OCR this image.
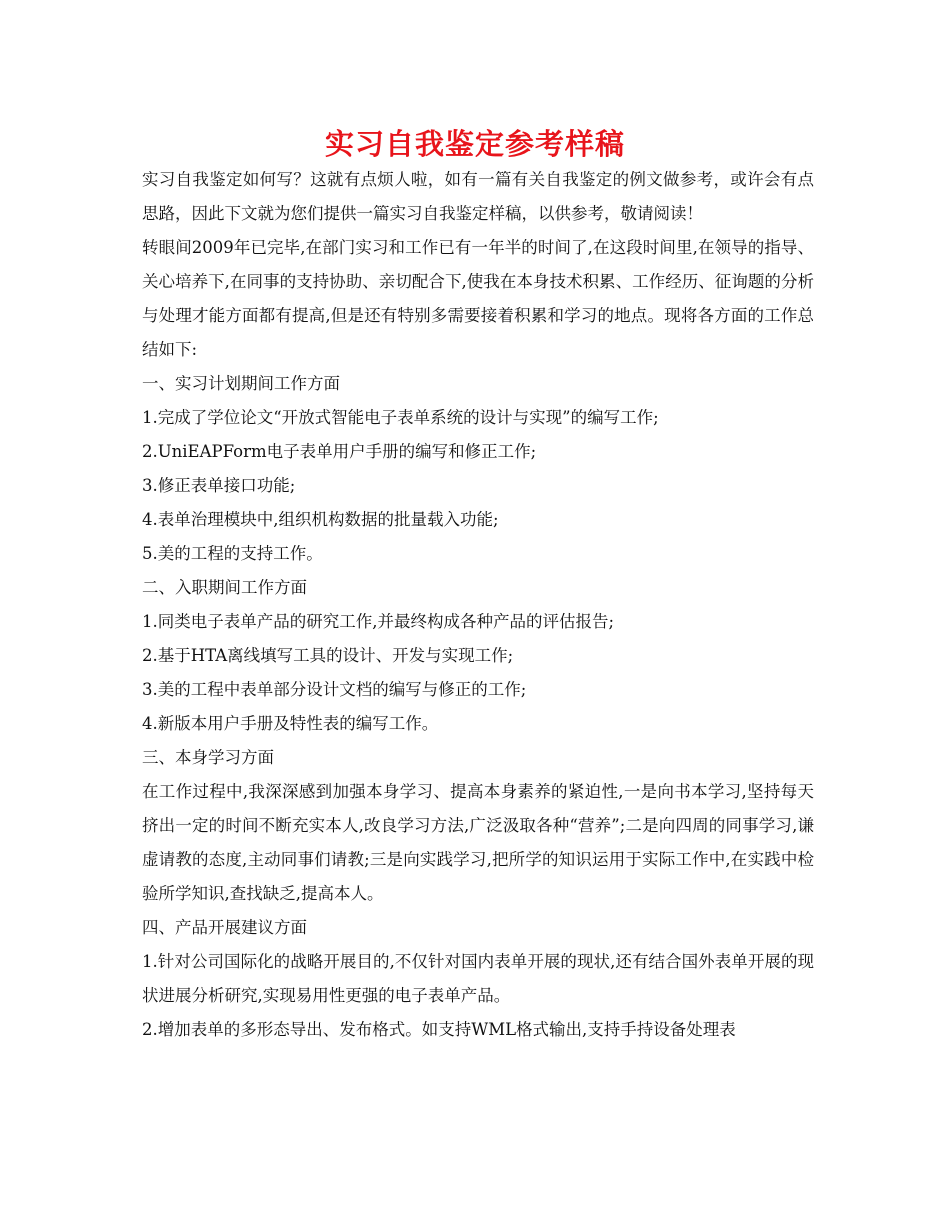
实习自我鉴定参考样稿

实习自我鉴定如何写？这就有点烦人啦，如有一篇有关自我鉴定的例文做参考，或许会有点思路，因此下文就为您们提供一篇实习自我鉴定样稿，以供参考，敬请阅读！

转眼间2009年已完毕,在部门实习和工作已有一年半的时间了,在这段时间里,在领导的指导、关心培养下,在同事的支持协助、亲切配合下,使我在本身技术积累、工作经历、征询题的分析与处理才能方面都有提高,但是还有特别多需要接着积累和学习的地点。现将各方面的工作总结如下:

一、实习计划期间工作方面

1.完成了学位论文“开放式智能电子表单系统的设计与实现”的编写工作;

2.UniEAPForm电子表单用户手册的编写和修正工作;

3.修正表单接口功能;

4.表单治理模块中,组织机构数据的批量载入功能;

5.美的工程的支持工作。

二、入职期间工作方面

1.同类电子表单产品的研究工作,并最终构成各种产品的评估报告;

2.基于HTA离线填写工具的设计、开发与实现工作;

3.美的工程中表单部分设计文档的编写与修正的工作;

4.新版本用户手册及特性表的编写工作。

三、本身学习方面

在工作过程中,我深深感到加强本身学习、提高本身素养的紧迫性,一是向书本学习,坚持每天挤出一定的时间不断充实本人,改良学习方法,广泛汲取各种“营养”;二是向四周的同事学习,谦虚请教的态度,主动同事们请教;三是向实践学习,把所学的知识运用于实际工作中,在实践中检验所学知识,查找缺乏,提高本人。

四、产品开展建议方面

1.针对公司国际化的战略开展目的,不仅针对国内表单开展的现状,还有结合国外表单开展的现状进展分析研究,实现易用性更强的电子表单产品。

2.增加表单的多形态导出、发布格式。如支持WML格式输出,支持手持设备处理表
